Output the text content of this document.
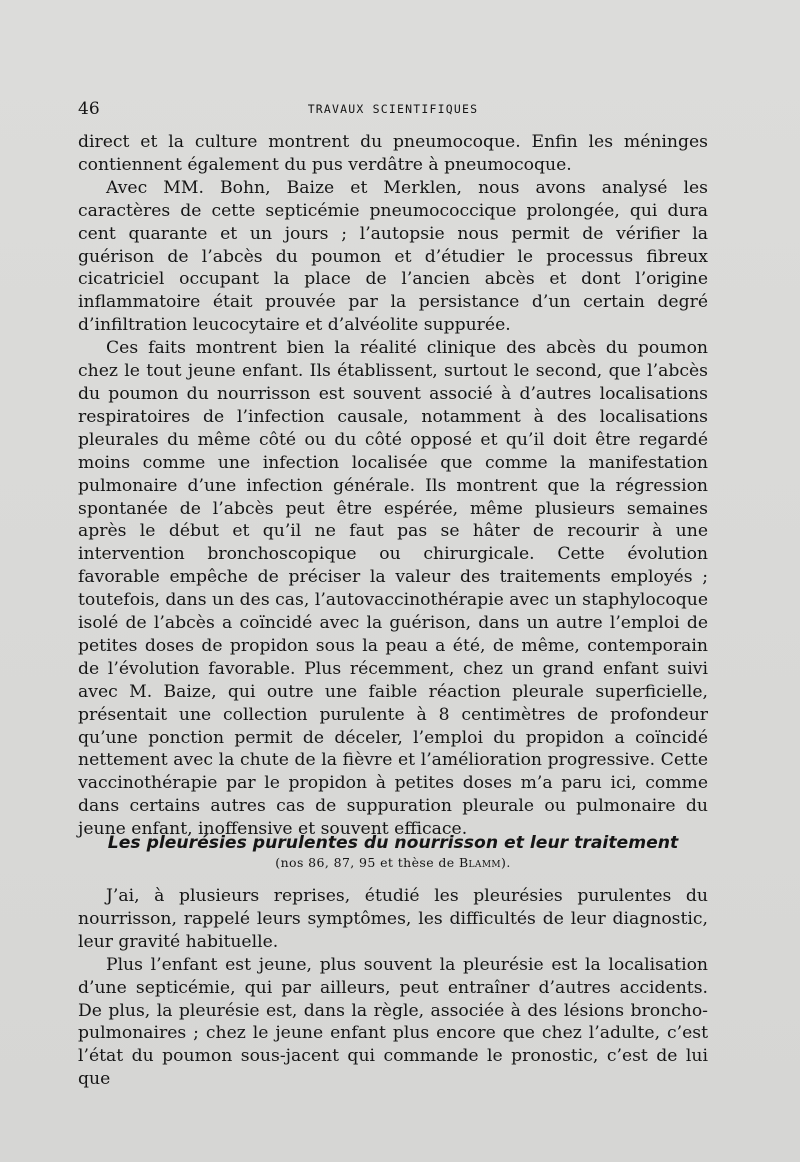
46	TRAVAUX SCIENTIFIQUES

direct et la culture montrent du pneumocoque. Enfin les méninges contiennent également du pus verdâtre à pneumocoque.

Avec MM. Bohn, Baize et Merklen, nous avons analysé les caractères de cette septicémie pneumococcique prolongée, qui dura cent quarante et un jours ; l’autopsie nous permit de vérifier la guérison de l’abcès du poumon et d’étudier le processus fibreux cicatriciel occupant la place de l’ancien abcès et dont l’origine inflammatoire était prouvée par la persistance d’un certain degré d’infiltration leucocytaire et d’alvéolite suppurée.

Ces faits montrent bien la réalité clinique des abcès du poumon chez le tout jeune enfant. Ils établissent, surtout le second, que l’abcès du poumon du nourrisson est souvent associé à d’autres localisations respiratoires de l’infection causale, notamment à des localisations pleurales du même côté ou du côté opposé et qu’il doit être regardé moins comme une infection localisée que comme la manifestation pulmonaire d’une infection générale. Ils montrent que la régression spontanée de l’abcès peut être espérée, même plusieurs semaines après le début et qu’il ne faut pas se hâter de recourir à une intervention bronchoscopique ou chirurgicale. Cette évolution favorable empêche de préciser la valeur des traitements employés ; toutefois, dans un des cas, l’autovaccinothérapie avec un staphylocoque isolé de l’abcès a coïncidé avec la guérison, dans un autre l’emploi de petites doses de propidon sous la peau a été, de même, contemporain de l’évolution favorable. Plus récemment, chez un grand enfant suivi avec M. Baize, qui outre une faible réaction pleurale superficielle, présentait une collection purulente à 8 centimètres de profondeur qu’une ponction permit de déceler, l’emploi du propidon a coïncidé nettement avec la chute de la fièvre et l’amélioration progressive. Cette vaccinothérapie par le propidon à petites doses m’a paru ici, comme dans certains autres cas de suppuration pleurale ou pulmonaire du jeune enfant, inoffensive et souvent efficace.

Les pleurésies purulentes du nourrisson et leur traitement

(nos 86, 87, 95 et thèse de Blamm).

J’ai, à plusieurs reprises, étudié les pleurésies purulentes du nourrisson, rappelé leurs symptômes, les difficultés de leur diagnostic, leur gravité habituelle.

Plus l’enfant est jeune, plus souvent la pleurésie est la localisation d’une septicémie, qui par ailleurs, peut entraîner d’autres accidents. De plus, la pleurésie est, dans la règle, associée à des lésions broncho-pulmonaires ; chez le jeune enfant plus encore que chez l’adulte, c’est l’état du poumon sous-jacent qui commande le pronostic, c’est de lui que
